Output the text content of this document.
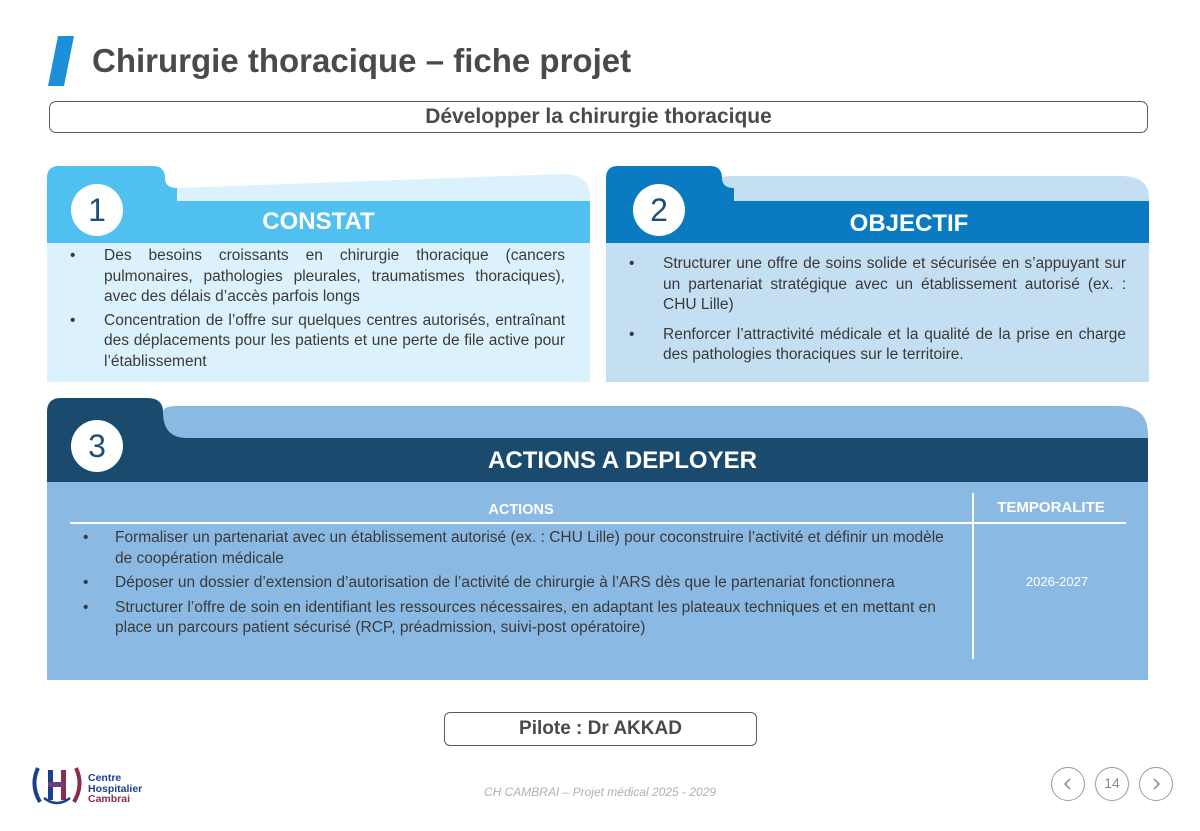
Chirurgie thoracique – fiche projet
Développer la chirurgie thoracique
CONSTAT
1
• Des besoins croissants en chirurgie thoracique (cancers pulmonaires, pathologies pleurales, traumatismes thoraciques), avec des délais d’accès parfois longs
• Concentration de l’offre sur quelques centres autorisés, entraînant des déplacements pour les patients et une perte de file active pour l’établissement
OBJECTIF
2
• Structurer une offre de soins solide et sécurisée en s’appuyant sur un partenariat stratégique avec un établissement autorisé (ex. : CHU Lille)
• Renforcer l’attractivité médicale et la qualité de la prise en charge des pathologies thoraciques sur le territoire.
ACTIONS A DEPLOYER
3
ACTIONS	TEMPORALITE
• Formaliser un partenariat avec un établissement autorisé (ex. : CHU Lille) pour coconstruire l’activité et définir un modèle de coopération médicale
• Déposer un dossier d’extension d’autorisation de l’activité de chirurgie à l’ARS dès que le partenariat fonctionnera
• Structurer l’offre de soin en identifiant les ressources nécessaires, en adaptant les plateaux techniques et en mettant en place un parcours patient sécurisé (RCP, préadmission, suivi-post opératoire)
2026-2027
Pilote : Dr AKKAD
Centre
Hospitalier
Cambrai	CH CAMBRAI – Projet médical 2025 - 2029
14
